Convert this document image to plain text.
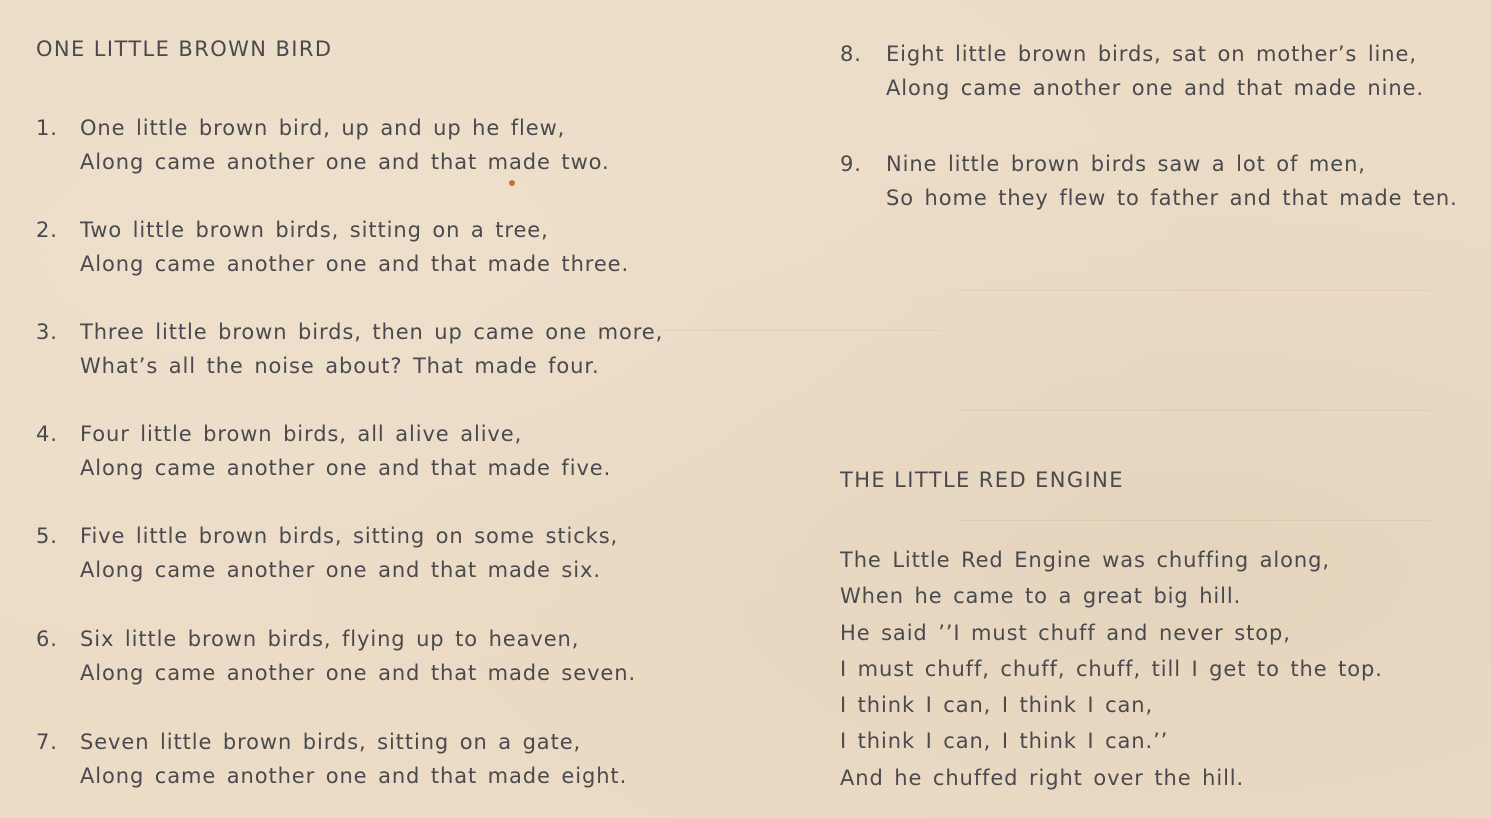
ONE LITTLE BROWN BIRD
1.	One little brown bird, up and up he flew,
Along came another one and that made two.
2.	Two little brown birds, sitting on a tree,
Along came another one and that made three.
3.	Three little brown birds, then up came one more,
What’s all the noise about? That made four.
4.	Four little brown birds, all alive alive,
Along came another one and that made five.
5.	Five little brown birds, sitting on some sticks,
Along came another one and that made six.
6.	Six little brown birds, flying up to heaven,
Along came another one and that made seven.
7.	Seven little brown birds, sitting on a gate,
Along came another one and that made eight.
8.	Eight little brown birds, sat on mother’s line,
Along came another one and that made nine.
9.	Nine little brown birds saw a lot of men,
So home they flew to father and that made ten.
THE LITTLE RED ENGINE
The Little Red Engine was chuffing along,
When he came to a great big hill.
He said ’’I must chuff and never stop,
I must chuff, chuff, chuff, till I get to the top.
I think I can, I think I can,
I think I can, I think I can.’’
And he chuffed right over the hill.
